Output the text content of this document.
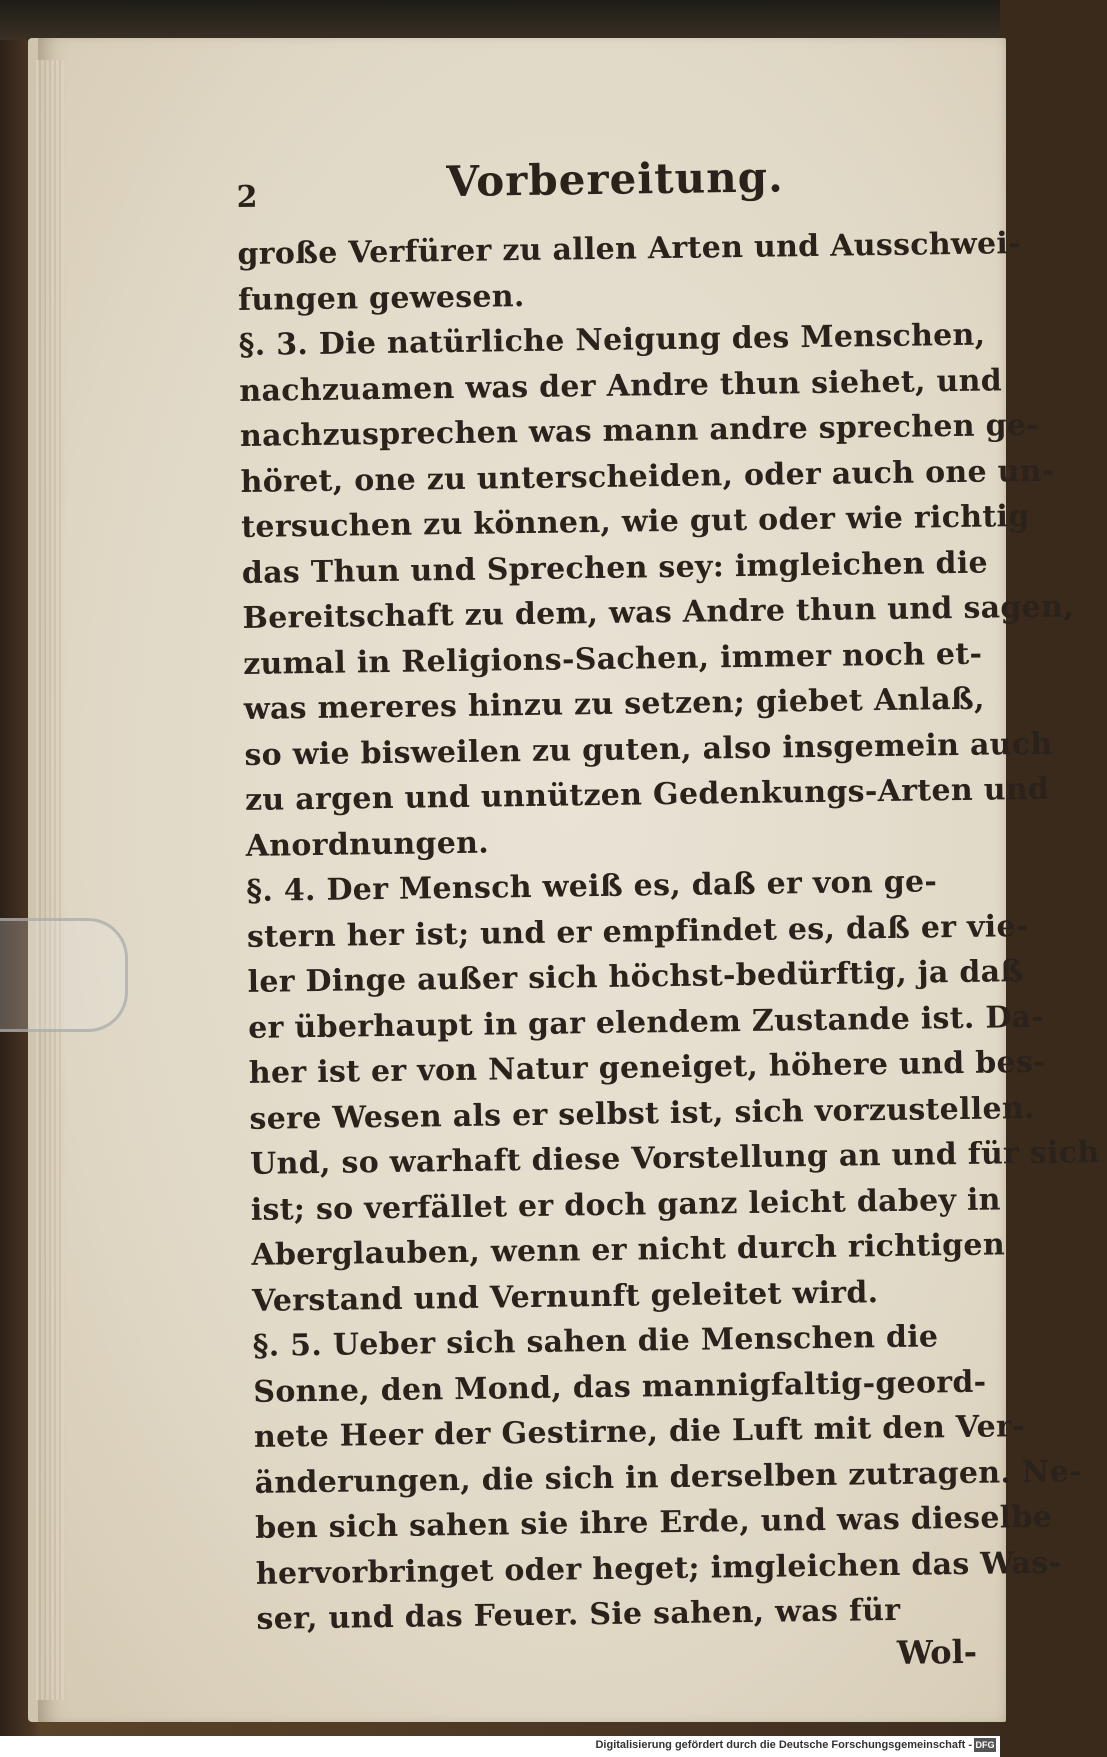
2	Vorbereitung.
große Verfürer zu allen Arten und Ausschwei-
fungen gewesen.
§. 3. Die natürliche Neigung des Menschen,
nachzuamen was der Andre thun siehet, und
nachzusprechen was mann andre sprechen ge-
höret, one zu unterscheiden, oder auch one un-
tersuchen zu können, wie gut oder wie richtig
das Thun und Sprechen sey: imgleichen die
Bereitschaft zu dem, was Andre thun und sagen,
zumal in Religions-Sachen, immer noch et-
was mereres hinzu zu setzen; giebet Anlaß,
so wie bisweilen zu guten, also insgemein auch
zu argen und unnützen Gedenkungs-Arten und
Anordnungen.
§. 4. Der Mensch weiß es, daß er von ge-
stern her ist; und er empfindet es, daß er vie-
ler Dinge außer sich höchst-bedürftig, ja daß
er überhaupt in gar elendem Zustande ist. Da-
her ist er von Natur geneiget, höhere und bes-
sere Wesen als er selbst ist, sich vorzustellen.
Und, so warhaft diese Vorstellung an und für sich
ist; so verfället er doch ganz leicht dabey in
Aberglauben, wenn er nicht durch richtigen
Verstand und Vernunft geleitet wird.
§. 5. Ueber sich sahen die Menschen die
Sonne, den Mond, das mannigfaltig-geord-
nete Heer der Gestirne, die Luft mit den Ver-
änderungen, die sich in derselben zutragen. Ne-
ben sich sahen sie ihre Erde, und was dieselbe
hervorbringet oder heget; imgleichen das Was-
ser, und das Feuer. Sie sahen, was für
Wol-
Digitalisierung gefördert durch die Deutsche Forschungsgemeinschaft - DFG
